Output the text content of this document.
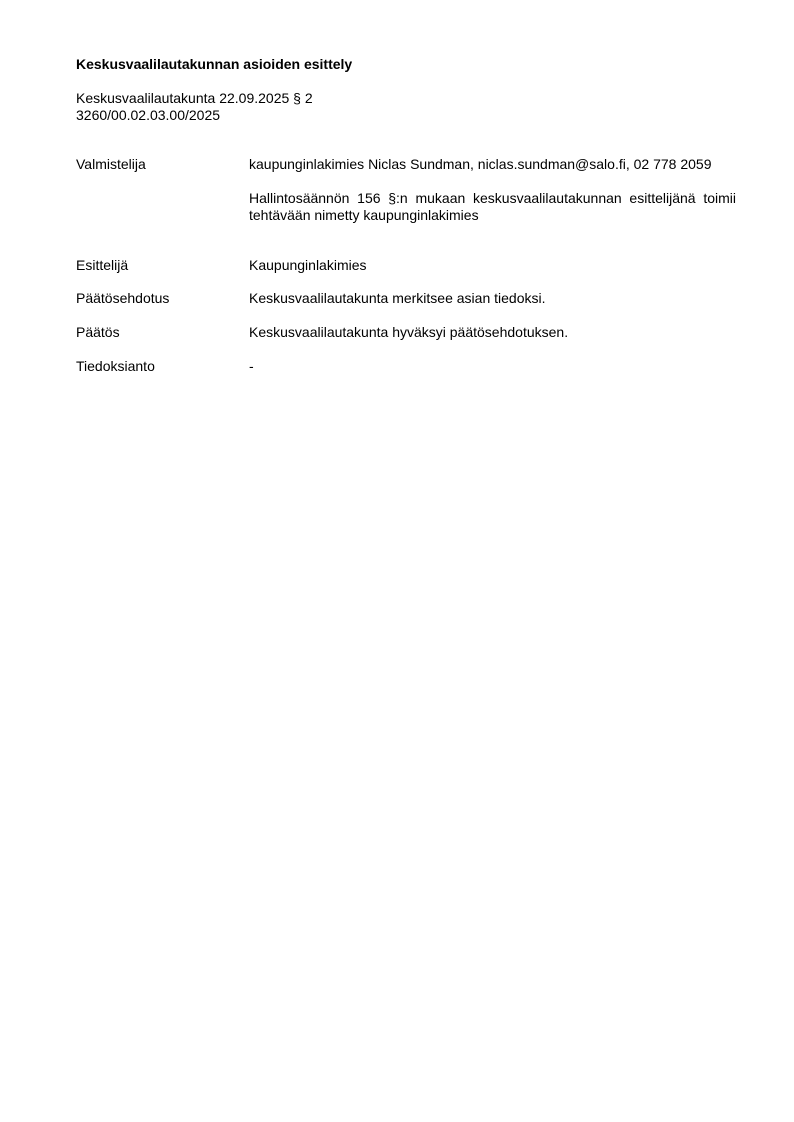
Keskusvaalilautakunnan asioiden esittely
Keskusvaalilautakunta 22.09.2025 § 2
3260/00.02.03.00/2025
Valmistelija	kaupunginlakimies Niclas Sundman, niclas.sundman@salo.fi, 02 778 2059

Hallintosäännön 156 §:n mukaan keskusvaalilautakunnan esittelijänä toimii tehtävään nimetty kaupunginlakimies

Esittelijä	Kaupunginlakimies
Päätösehdotus	Keskusvaalilautakunta merkitsee asian tiedoksi.
Päätös	Keskusvaalilautakunta hyväksyi päätösehdotuksen.
Tiedoksianto	-
